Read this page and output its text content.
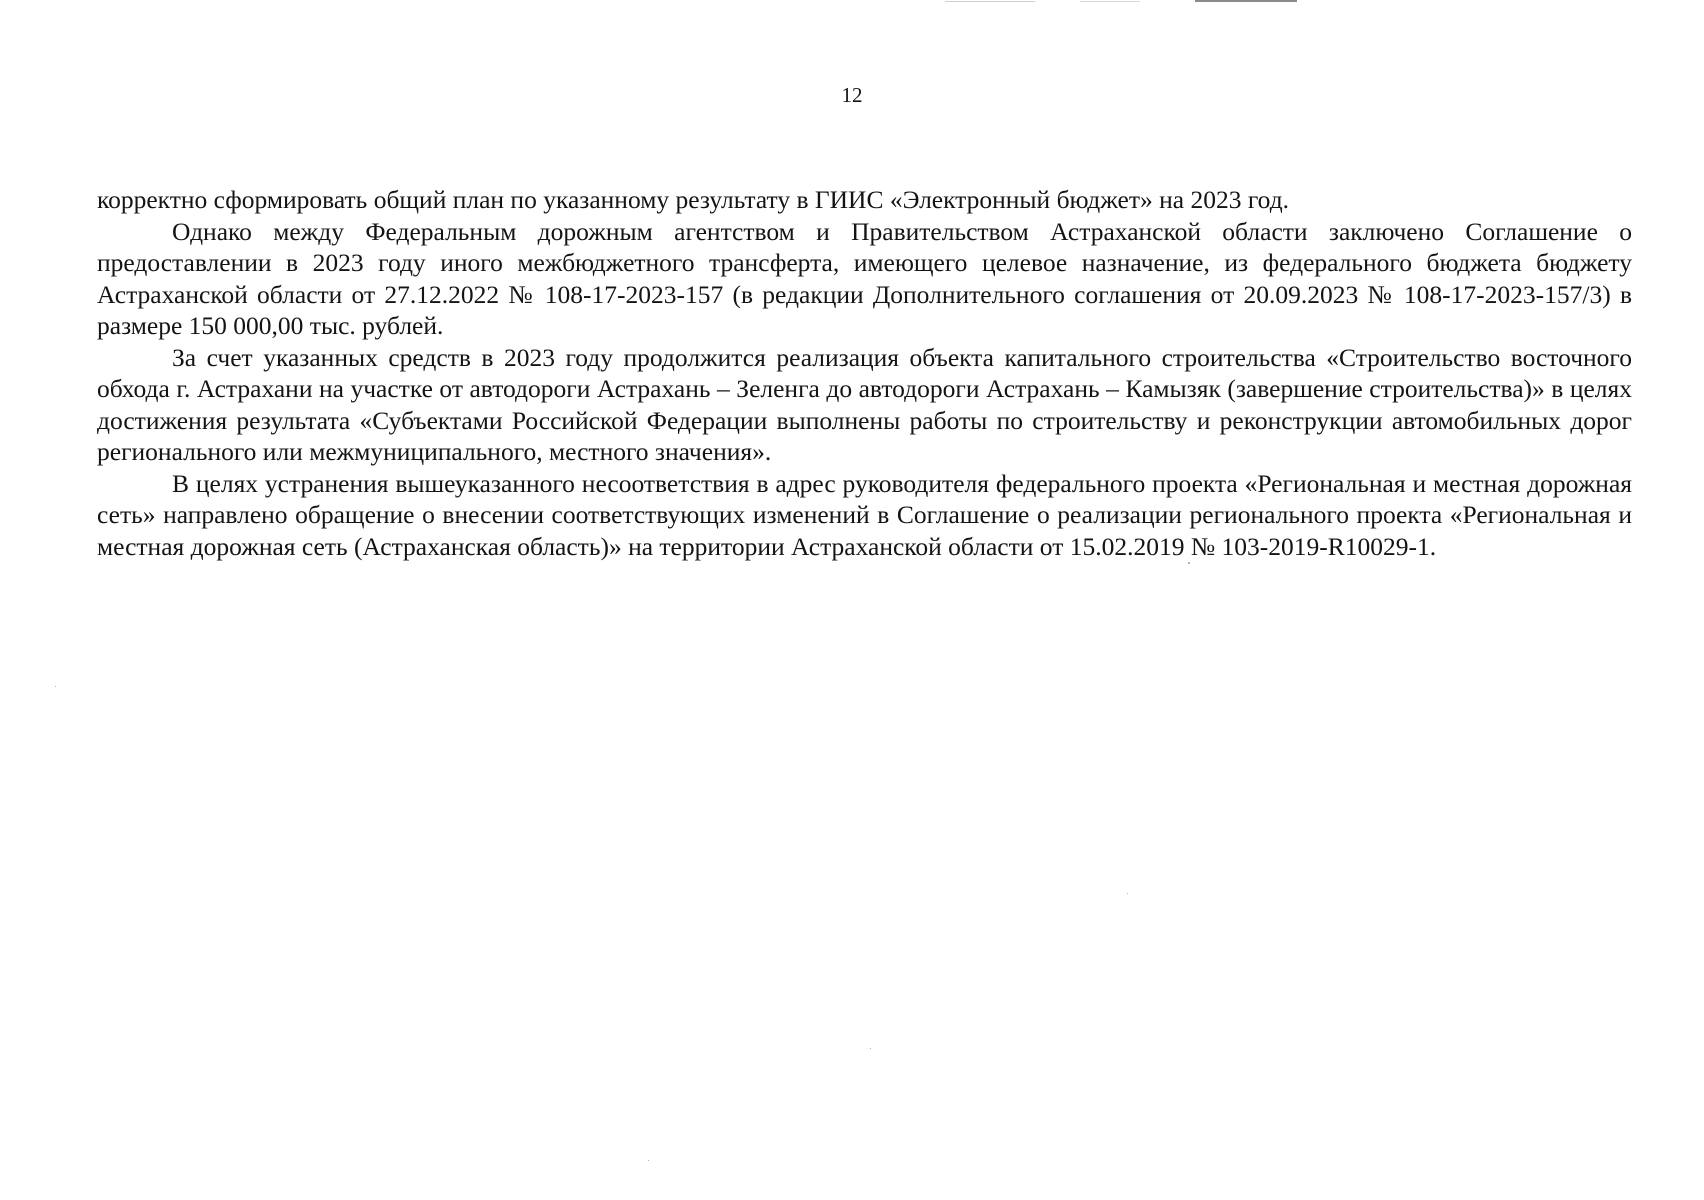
12

корректно сформировать общий план по указанному результату в ГИИС «Электронный бюджет» на 2023 год.

Однако между Федеральным дорожным агентством и Правительством Астраханской области заключено Соглашение о предоставлении в 2023 году иного межбюджетного трансферта, имеющего целевое назначение, из федерального бюджета бюджету Астраханской области от 27.12.2022 № 108-17-2023-157 (в редакции Дополнительного соглашения от 20.09.2023 № 108-17-2023-157/3) в размере 150 000,00 тыс. рублей.

За счет указанных средств в 2023 году продолжится реализация объекта капитального строительства «Строительство восточного обхода г. Астрахани на участке от автодороги Астрахань – Зеленга до автодороги Астрахань – Камызяк (завершение строительства)» в целях достижения результата «Субъектами Российской Федерации выполнены работы по строительству и реконструкции автомобильных дорог регионального или межмуниципального, местного значения».

В целях устранения вышеуказанного несоответствия в адрес руководителя федерального проекта «Региональная и местная дорожная сеть» направлено обращение о внесении соответствующих изменений в Соглашение о реализации регионального проекта «Региональная и местная дорожная сеть (Астраханская область)» на территории Астраханской области от 15.02.2019 № 103-2019-R10029-1.
